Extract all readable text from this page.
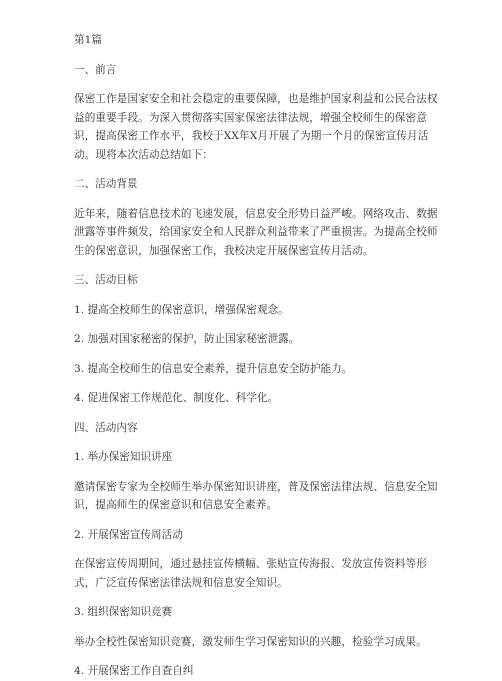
第1篇

一、前言

保密工作是国家安全和社会稳定的重要保障，也是维护国家利益和公民合法权益的重要手段。为深入贯彻落实国家保密法律法规，增强全校师生的保密意识，提高保密工作水平，我校于XX年X月开展了为期一个月的保密宣传月活动。现将本次活动总结如下：

二、活动背景

近年来，随着信息技术的飞速发展，信息安全形势日益严峻。网络攻击、数据泄露等事件频发，给国家安全和人民群众利益带来了严重损害。为提高全校师生的保密意识，加强保密工作，我校决定开展保密宣传月活动。

三、活动目标

1. 提高全校师生的保密意识，增强保密观念。

2. 加强对国家秘密的保护，防止国家秘密泄露。

3. 提高全校师生的信息安全素养，提升信息安全防护能力。

4. 促进保密工作规范化、制度化、科学化。

四、活动内容

1. 举办保密知识讲座

邀请保密专家为全校师生举办保密知识讲座，普及保密法律法规、信息安全知识，提高师生的保密意识和信息安全素养。

2. 开展保密宣传周活动

在保密宣传周期间，通过悬挂宣传横幅、张贴宣传海报、发放宣传资料等形式，广泛宣传保密法律法规和信息安全知识。

3. 组织保密知识竞赛

举办全校性保密知识竞赛，激发师生学习保密知识的兴趣，检验学习成果。

4. 开展保密工作自查自纠
